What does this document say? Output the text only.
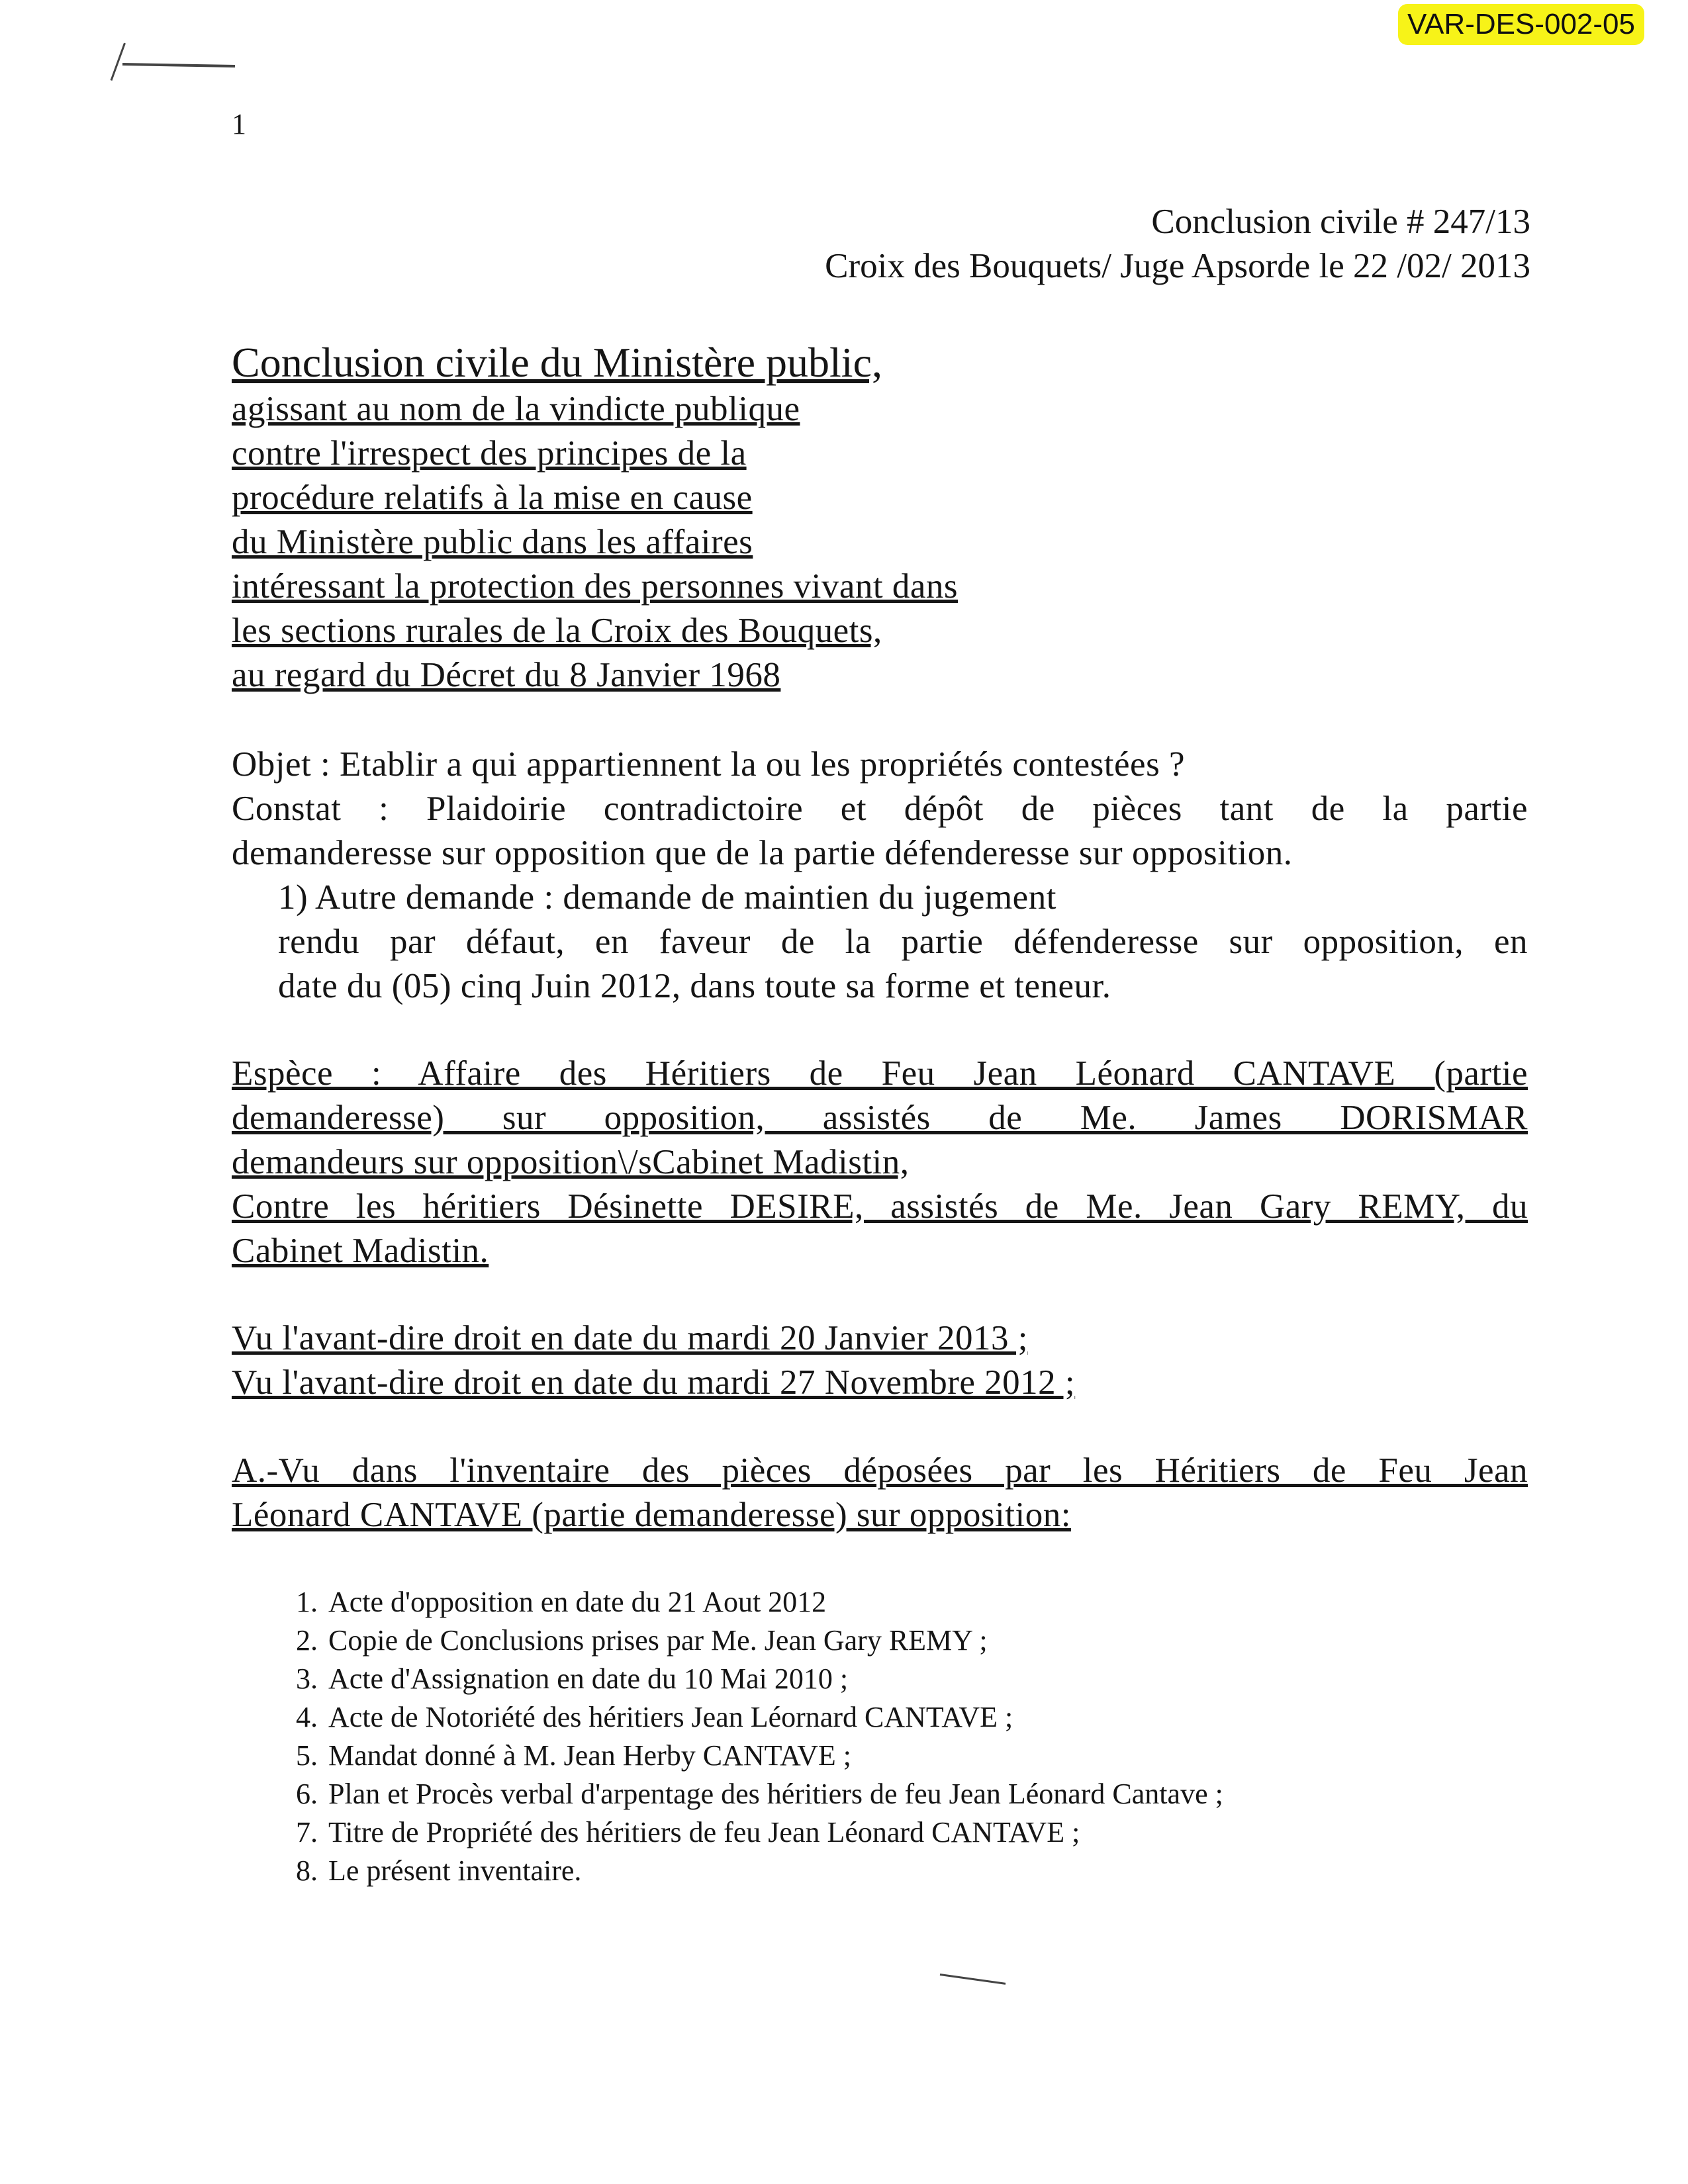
VAR-DES-002-05
1
Conclusion civile # 247/13
Croix des Bouquets/ Juge Apsorde le 22 /02/ 2013
Conclusion civile du Ministère public,
agissant au nom de la vindicte publique
contre l'irrespect des principes de la
procédure relatifs à la mise en cause
du Ministère public dans les affaires
intéressant la protection des personnes vivant dans
les sections rurales de la Croix des Bouquets,
au regard du Décret du 8 Janvier 1968
Objet : Etablir a qui appartiennent la ou les propriétés contestées ?
Constat : Plaidoirie contradictoire et dépôt de pièces tant de la partie
demanderesse sur opposition que de la partie défenderesse sur opposition.
1) Autre demande : demande de maintien du jugement
rendu par défaut, en faveur de la partie défenderesse sur opposition, en
date du (05) cinq Juin 2012, dans toute sa forme et teneur.
Espèce : Affaire des Héritiers de Feu Jean Léonard CANTAVE (partie
demanderesse) sur opposition, assistés de Me. James DORISMAR
demandeurs sur opposition\/sCabinet Madistin,
Contre les héritiers Désinette DESIRE, assistés de Me. Jean Gary REMY, du
Cabinet Madistin.
Vu l'avant-dire droit en date du mardi 20 Janvier 2013 ;
Vu l'avant-dire droit en date du mardi 27 Novembre 2012 ;
A.-Vu dans l'inventaire des pièces déposées par les Héritiers de Feu Jean
Léonard CANTAVE (partie demanderesse) sur opposition:
1. Acte d'opposition en date du 21 Aout 2012
2. Copie de Conclusions prises par Me. Jean Gary REMY ;
3. Acte d'Assignation en date du 10 Mai 2010 ;
4. Acte de Notoriété des héritiers Jean Léornard CANTAVE ;
5. Mandat donné à M. Jean Herby CANTAVE ;
6. Plan et Procès verbal d'arpentage des héritiers de feu Jean Léonard Cantave ;
7. Titre de Propriété des héritiers de feu Jean Léonard CANTAVE ;
8. Le présent inventaire.
